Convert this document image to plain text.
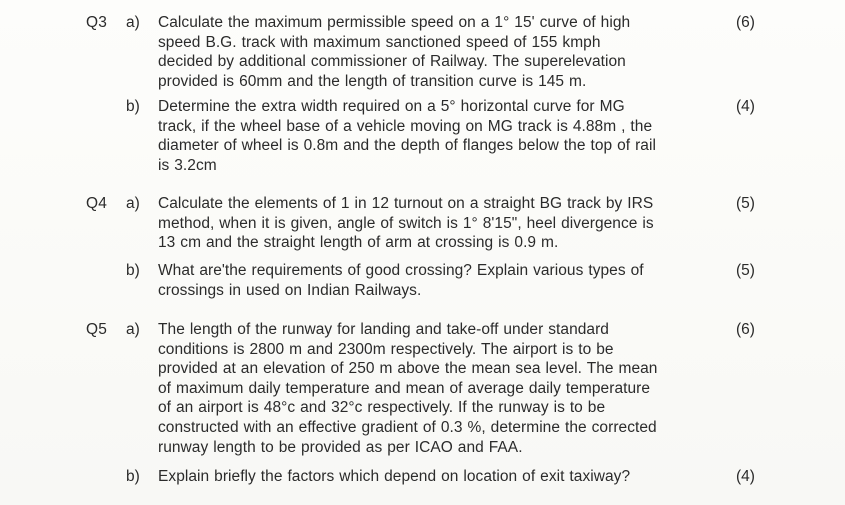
Q3 a) Calculate the maximum permissible speed on a 1° 15' curve of high
speed B.G. track with maximum sanctioned speed of 155 kmph
decided by additional commissioner of Railway. The superelevation
provided is 60mm and the length of transition curve is 145 m.
(6)
b) Determine the extra width required on a 5° horizontal curve for MG
track, if the wheel base of a vehicle moving on MG track is 4.88m , the
diameter of wheel is 0.8m and the depth of flanges below the top of rail
is 3.2cm
(4)
Q4 a) Calculate the elements of 1 in 12 turnout on a straight BG track by IRS
method, when it is given, angle of switch is 1° 8'15", heel divergence is
13 cm and the straight length of arm at crossing is 0.9 m.
(5)
b) What are'the requirements of good crossing? Explain various types of
crossings in used on Indian Railways.
(5)
Q5 a) The length of the runway for landing and take-off under standard
conditions is 2800 m and 2300m respectively. The airport is to be
provided at an elevation of 250 m above the mean sea level. The mean
of maximum daily temperature and mean of average daily temperature
of an airport is 48°c and 32°c respectively. If the runway is to be
constructed with an effective gradient of 0.3 %, determine the corrected
runway length to be provided as per ICAO and FAA.
(6)
b) Explain briefly the factors which depend on location of exit taxiway?	(4)
